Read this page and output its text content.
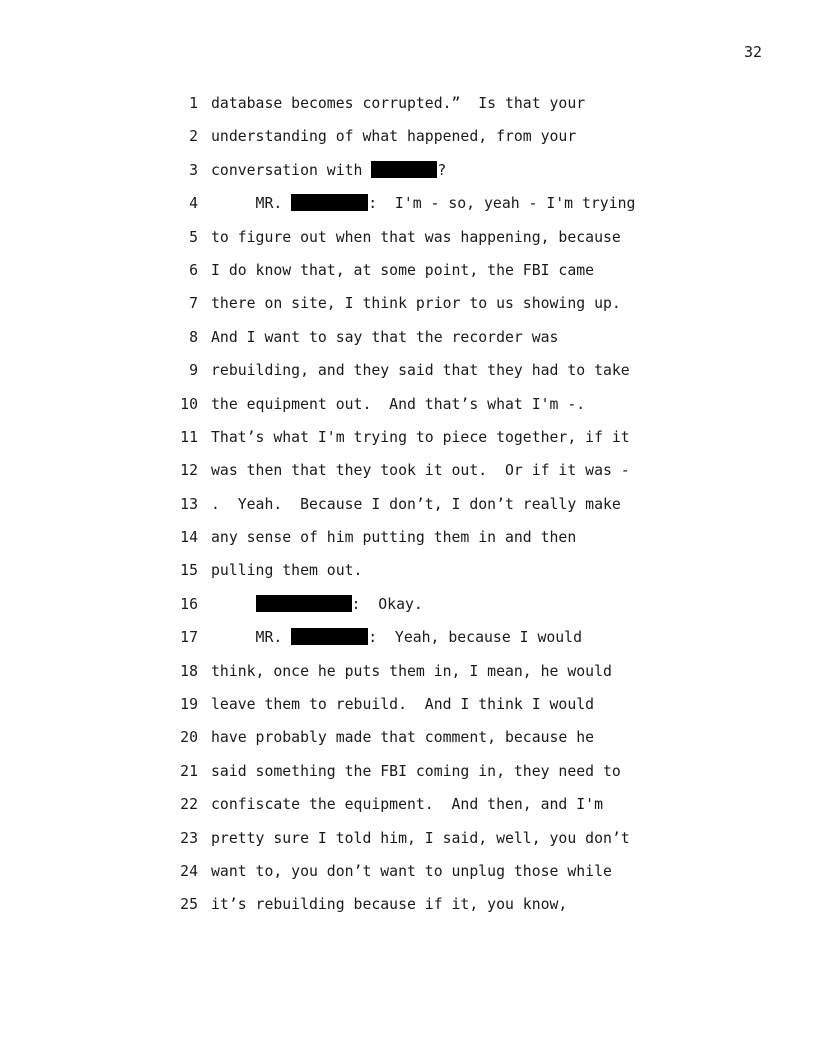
32
1 database becomes corrupted.”  Is that your
2 understanding of what happened, from your
3 conversation with	?
4 MR.	:  I'm - so, yeah - I'm trying
5 to figure out when that was happening, because
6 I do know that, at some point, the FBI came
7 there on site, I think prior to us showing up.
8 And I want to say that the recorder was
9 rebuilding, and they said that they had to take
10 the equipment out.  And that’s what I'm -.
11 That’s what I'm trying to piece together, if it
12 was then that they took it out.  Or if it was -
13 .  Yeah.  Because I don’t, I don’t really make
14 any sense of him putting them in and then
15 pulling them out.
16	:  Okay.
17 MR.	:  Yeah, because I would
18 think, once he puts them in, I mean, he would
19 leave them to rebuild.  And I think I would
20 have probably made that comment, because he
21 said something the FBI coming in, they need to
22 confiscate the equipment.  And then, and I'm
23 pretty sure I told him, I said, well, you don’t
24 want to, you don’t want to unplug those while
25 it’s rebuilding because if it, you know,
